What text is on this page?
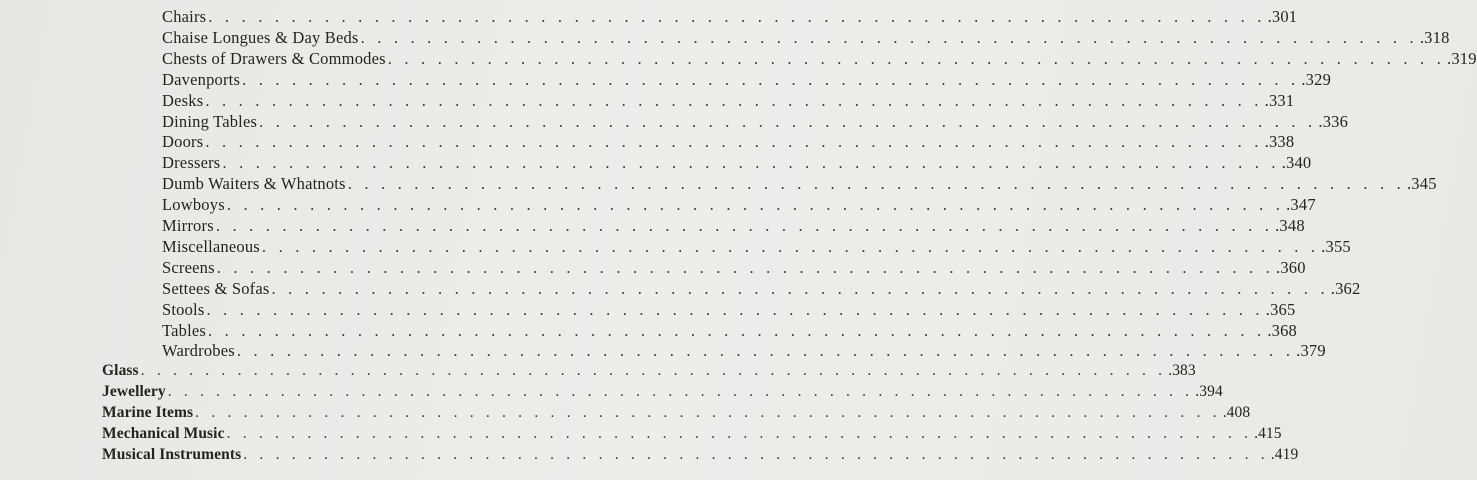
Chairs . . . . . . . . . . . . . . . . . . . . . . . . . . . . . . . . . . . . . . . . . . . . . . . . . . . . . . . . . . . . . . . . .301
Chaise Longues & Day Beds . . . . . . . . . . . . . . . . . . . . . . . . . . . . . . . . . . . . . . . . . . . . . . . . . . . . . . . . . . . . . . . . .318
Chests of Drawers & Commodes . . . . . . . . . . . . . . . . . . . . . . . . . . . . . . . . . . . . . . . . . . . . . . . . . . . . . . . . . . . . . . . . .319
Davenports . . . . . . . . . . . . . . . . . . . . . . . . . . . . . . . . . . . . . . . . . . . . . . . . . . . . . . . . . . . . . . . . .329
Desks . . . . . . . . . . . . . . . . . . . . . . . . . . . . . . . . . . . . . . . . . . . . . . . . . . . . . . . . . . . . . . . . .331
Dining Tables . . . . . . . . . . . . . . . . . . . . . . . . . . . . . . . . . . . . . . . . . . . . . . . . . . . . . . . . . . . . . . . . .336
Doors . . . . . . . . . . . . . . . . . . . . . . . . . . . . . . . . . . . . . . . . . . . . . . . . . . . . . . . . . . . . . . . . .338
Dressers . . . . . . . . . . . . . . . . . . . . . . . . . . . . . . . . . . . . . . . . . . . . . . . . . . . . . . . . . . . . . . . . .340
Dumb Waiters & Whatnots . . . . . . . . . . . . . . . . . . . . . . . . . . . . . . . . . . . . . . . . . . . . . . . . . . . . . . . . . . . . . . . . .345
Lowboys . . . . . . . . . . . . . . . . . . . . . . . . . . . . . . . . . . . . . . . . . . . . . . . . . . . . . . . . . . . . . . . . .347
Mirrors . . . . . . . . . . . . . . . . . . . . . . . . . . . . . . . . . . . . . . . . . . . . . . . . . . . . . . . . . . . . . . . . .348
Miscellaneous . . . . . . . . . . . . . . . . . . . . . . . . . . . . . . . . . . . . . . . . . . . . . . . . . . . . . . . . . . . . . . . . .355
Screens . . . . . . . . . . . . . . . . . . . . . . . . . . . . . . . . . . . . . . . . . . . . . . . . . . . . . . . . . . . . . . . . .360
Settees & Sofas . . . . . . . . . . . . . . . . . . . . . . . . . . . . . . . . . . . . . . . . . . . . . . . . . . . . . . . . . . . . . . . . .362
Stools . . . . . . . . . . . . . . . . . . . . . . . . . . . . . . . . . . . . . . . . . . . . . . . . . . . . . . . . . . . . . . . . .365
Tables . . . . . . . . . . . . . . . . . . . . . . . . . . . . . . . . . . . . . . . . . . . . . . . . . . . . . . . . . . . . . . . . .368
Wardrobes . . . . . . . . . . . . . . . . . . . . . . . . . . . . . . . . . . . . . . . . . . . . . . . . . . . . . . . . . . . . . . . . .379
Glass . . . . . . . . . . . . . . . . . . . . . . . . . . . . . . . . . . . . . . . . . . . . . . . . . . . . . . . . . . . . . . . . .383
Jewellery . . . . . . . . . . . . . . . . . . . . . . . . . . . . . . . . . . . . . . . . . . . . . . . . . . . . . . . . . . . . . . . . .394
Marine Items . . . . . . . . . . . . . . . . . . . . . . . . . . . . . . . . . . . . . . . . . . . . . . . . . . . . . . . . . . . . . . . . .408
Mechanical Music . . . . . . . . . . . . . . . . . . . . . . . . . . . . . . . . . . . . . . . . . . . . . . . . . . . . . . . . . . . . . . . . .415
Musical Instruments . . . . . . . . . . . . . . . . . . . . . . . . . . . . . . . . . . . . . . . . . . . . . . . . . . . . . . . . . . . . . . . . .419
